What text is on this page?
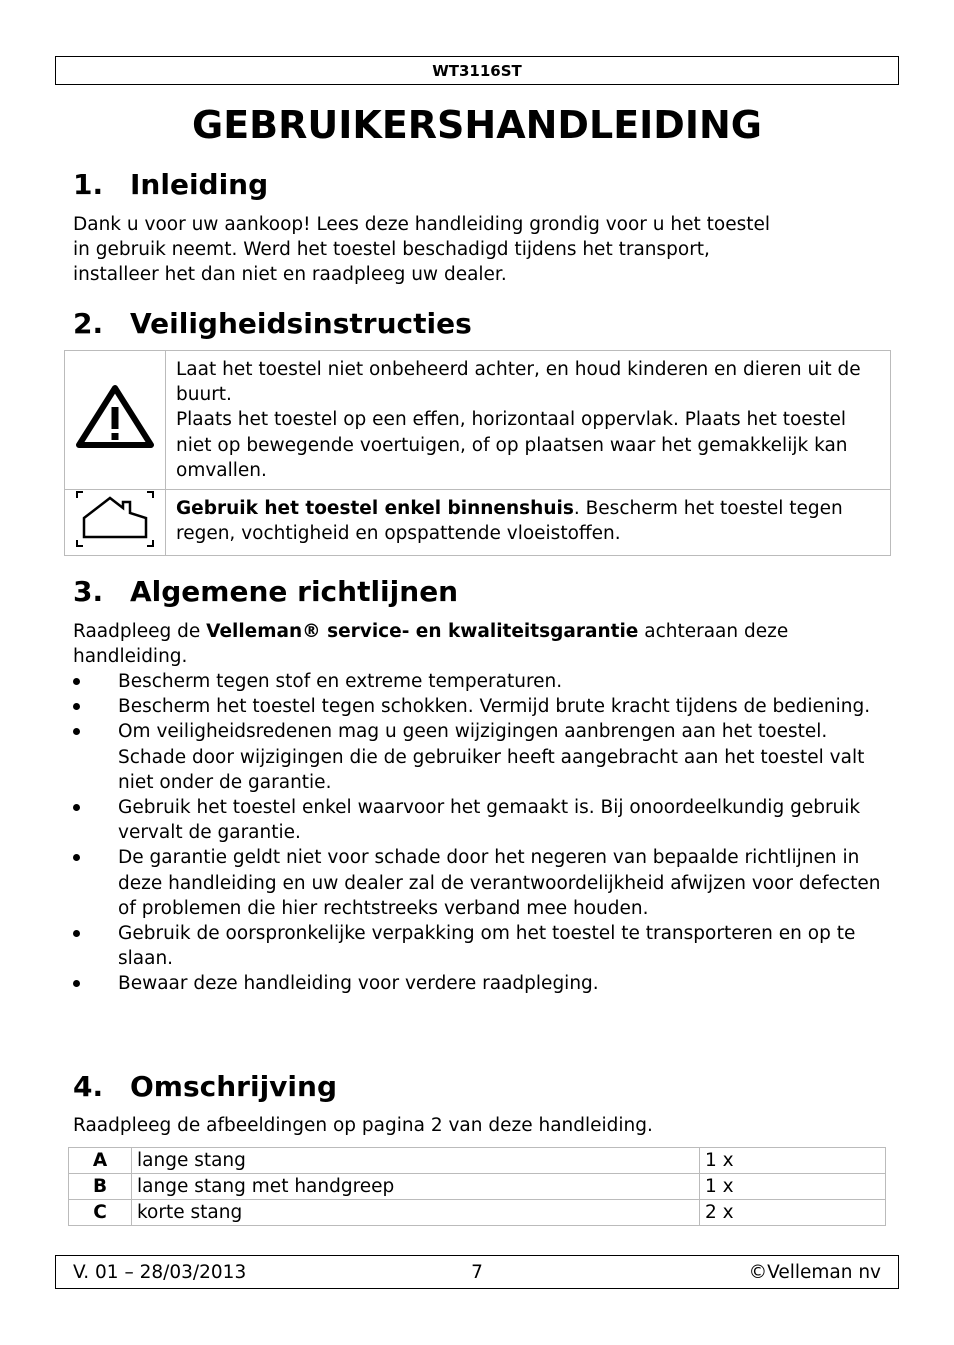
WT3116ST
GEBRUIKERSHANDLEIDING
1. Inleiding
Dank u voor uw aankoop! Lees deze handleiding grondig voor u het toestel
in gebruik neemt. Werd het toestel beschadigd tijdens het transport,
installeer het dan niet en raadpleeg uw dealer.
2. Veiligheidsinstructies

Laat het toestel niet onbeheerd achter, en houd kinderen en dieren uit de buurt.
Plaats het toestel op een effen, horizontaal oppervlak. Plaats het toestel niet op bewegende voertuigen, of op plaatsen waar het gemakkelijk kan omvallen.

	Gebruik het toestel enkel binnenshuis. Bescherm het toestel tegen regen, vochtigheid en opspattende vloeistoffen.
3. Algemene richtlijnen
Raadpleeg de Velleman® service- en kwaliteitsgarantie achteraan deze handleiding.
Bescherm tegen stof en extreme temperaturen.
Bescherm het toestel tegen schokken. Vermijd brute kracht tijdens de bediening.
Om veiligheidsredenen mag u geen wijzigingen aanbrengen aan het toestel. Schade door wijzigingen die de gebruiker heeft aangebracht aan het toestel valt niet onder de garantie.
Gebruik het toestel enkel waarvoor het gemaakt is. Bij onoordeelkundig gebruik vervalt de garantie.
De garantie geldt niet voor schade door het negeren van bepaalde richtlijnen in deze handleiding en uw dealer zal de verantwoordelijkheid afwijzen voor defecten of problemen die hier rechtstreeks verband mee houden.
Gebruik de oorspronkelijke verpakking om het toestel te transporteren en op te slaan.
Bewaar deze handleiding voor verdere raadpleging.
4. Omschrijving
Raadpleeg de afbeeldingen op pagina 2 van deze handleiding.
A	lange stang	1 x
B	lange stang met handgreep	1 x
C	korte stang	2 x
7
V. 01 – 28/03/2013	©Velleman nv
